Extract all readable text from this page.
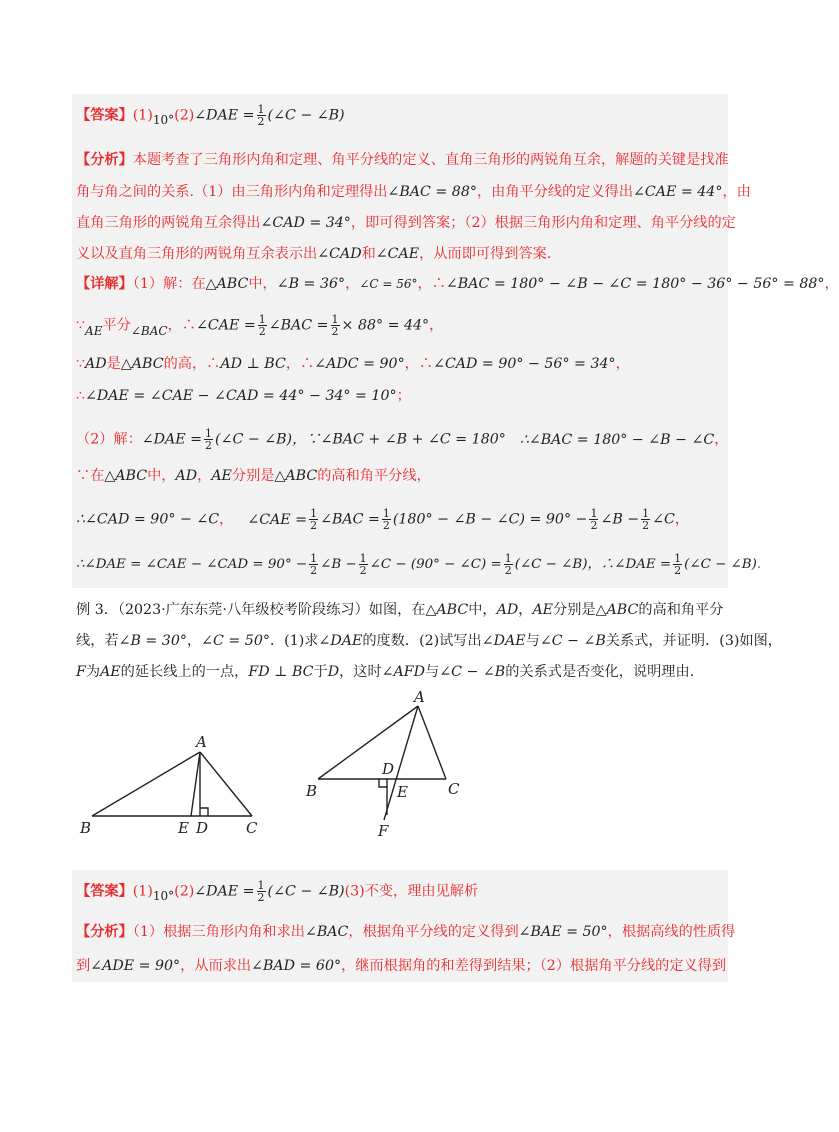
【答案】$(1)_{10^\circ}(2)\angle DAE = \frac{1}{2}$ (∠C − ∠B)
【分析】本题考查了三角形内角和定理、角平分线的定义、直角三角形的两锐角互余，解题的关键是找准
角与角之间的关系.（1）由三角形内角和定理得出∠BAC = 88°，由角平分线的定义得出∠CAE = 44°，由
直角三角形的两锐角互余得出∠CAD = 34°，即可得到答案；（2）根据三角形内角和定理、角平分线的定
义以及直角三角形的两锐角互余表示出∠CAD和∠CAE，从而即可得到答案.
【详解】（1）解：在△ABC中，∠B = 36°，∠C = 56°，∴∠BAC = 180° − ∠B − ∠C = 180° − 36° − 56° = 88°，
$\because_{AE}$平分$_{\angle BAC}$，∴∠CAE = $\frac{1}{2}$ ∠BAC = $\frac{1}{2} \times 88^\circ = 44^\circ$，
∵AD是△ABC的高，∴AD ⊥ BC，∴∠ADC = 90°，∴∠CAD = 90° − 56° = 34°，
∴∠DAE = ∠CAE − ∠CAD = 44° − 34° = 10°；
（2）解：∠DAE = $\frac{1}{2}$ (∠C − ∠B)，∵∠BAC + ∠B + ∠C = 180° ∴∠BAC = 180° − ∠B − ∠C，
∵在△ABC中，AD，AE分别是△ABC的高和角平分线，
∴∠CAD = 90° − ∠C， ∠CAE = $\frac{1}{2}$ ∠BAC = $\frac{1}{2} (180^\circ$ − ∠B − ∠C) = $90^\circ - \frac{1}{2}$ ∠B − $\frac{1}{2}$ ∠C，
∴∠DAE = ∠CAE − ∠CAD = $90^\circ - \frac{1}{2}$ ∠B − $\frac{1}{2}$ ∠C − (90° − ∠C) = $\frac{1}{2}$ (∠C − ∠B)，∴∠DAE = $\frac{1}{2}$ (∠C − ∠B).
例 3．（2023·广东东莞·八年级校考阶段练习）如图，在△ABC中，AD，AE分别是△ABC的高和角平分
线，若∠B = 30°，∠C = 50°．(1)求∠DAE的度数．(2)试写出∠DAE与∠C − ∠B关系式，并证明．(3)如图，
F为AE的延长线上的一点，FD ⊥ BC于D，这时∠AFD与∠C − ∠B的关系式是否变化，说明理由.
A
B	E D	C
A
B
D
E	C
F
【答案】$(1)_{10^\circ}(2)\angle DAE = \frac{1}{2}$ (∠C − ∠B)(3)不变，理由见解析
【分析】（1）根据三角形内角和求出∠BAC，根据角平分线的定义得到∠BAE = 50°，根据高线的性质得
到∠ADE = 90°，从而求出∠BAD = 60°，继而根据角的和差得到结果；（2）根据角平分线的定义得到
